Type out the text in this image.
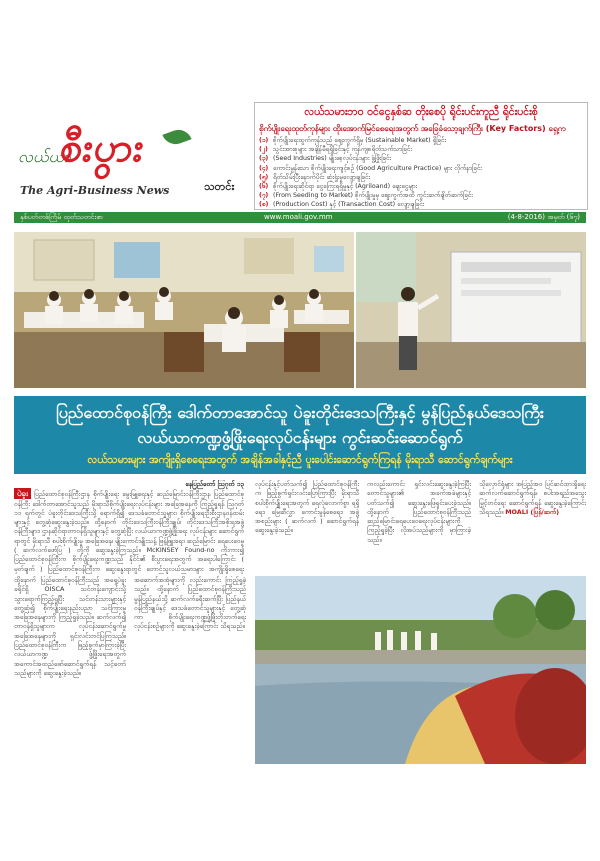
လယ်ယာ
စီးပွား
The Agri-Business News	သတင်း
လယ်သမားဘဝ ဝင်ငွေနှစ်ဆ တိုးစေပို ရိုင်းပင်းကူညီ ရိုင်းပင်းစို
စိုက်ပျိုးရေးထုတ်ကုန်များ ထိုးအောက်မြင်စေရေးအတွက် အခြေခံသော့ချက်ကြီး (Key Factors) ရှေ့က
(၁) စိုက်ပျိုးရေးထွက်ကုန်သည် ဈေးကွက်ရှိမှ (Sustainable Market) ရှိခြင်း
(၂) သွင်းအားစုများ အချိန်မီရရှိခြင်းနှင့် ကုန်ကျစရိတ်သက်သာခြင်း
(၃) (Seed Industries) မျိုးစေ့လုပ်ငန်းများ ဖွံ့ဖြိုးခြင်း
(၄) ကောင်းမွန်သော စိုက်ပျိုးရေးကျင့်စဉ် (Good Agriculture Practice) များ လိုက်နာခြင်း
(၅) ရိတ်သိမ်းပြီးနောက်ပိုင်း ဆုံးရှုံးမှုလျော့ချခြင်း
(၆) စိုက်ပျိုးရေးဆိုင်ရာ ငွေကြေးရရှိမှုနှင့် (Agriloand) ချေးငွေများ
(၇) (From Seeding to Market) စိုက်ပျိုးမှုမှ ဈေးကွက်အထိ ကွင်းဆက်ချိတ်ဆက်ခြင်း
(၈) (Production Cost) နှင့် (Transaction Cost) လျော့ချခြင်း
နှစ်ပတ်တစ်ကြိမ် ထုတ်သတင်းစာ	www.moali.gov.mm	(4-8-2016) အမှတ် (၆၇)
ပြည်ထောင်စုဝန်ကြီး ဒေါက်တာအောင်သူ ပဲခူးတိုင်းဒေသကြီးနှင့် မွန်ပြည်နယ်ဒေသကြီး
လယ်ယာကဏ္ဍဖွံ့ဖြိုးရေးလုပ်ငန်းများ ကွင်းဆင်းဆောင်ရွက်
လယ်သမားများ အကျိုးရှိစေရေးအတွက် အချိန်အခါနှင့်ညီ ပူးပေါင်းဆောင်ရွက်ကြရန် မိုးရာသီ ဆောင်ရွက်ချက်များ
နေပြည်တော် ဩဂုတ် ၁၃
ပဲခူး ပြည်ထောင်စုဝန်ကြီးဌာန စိုက်ပျိုးရေး မွေးမြူရေးနှင့် ဆည်မြောင်းဝန်ကြီးဌာန ပြည်ထောင်စုဝန်ကြီး ဒေါက်တာအောင်သူသည် မိုးရာသီစိုက်ပျိုးရေးလုပ်ငန်းများ အခြေအနေကို ကြည့်ရှုရန် ဩဂုတ် ၁၁ ရက်တွင် ပဲခူးတိုင်းဒေသကြီးသို့ ရောက်ရှိ၍ ဒေသခံတောင်သူများ၊ စိုက်ပျိုးရေးဦးစီးဌာနဝန်ထမ်းများနှင့် တွေ့ဆုံဆွေးနွေးခဲ့သည်။ ထို့နောက် တိုင်းဒေသကြီးဝန်ကြီးချုပ်၊ တိုင်းဒေသကြီးအစိုးရအဖွဲ့ ဝန်ကြီးများ၊ ဌာနဆိုင်ရာတာဝန်ရှိသူများနှင့် တွေ့ဆုံပြီး လယ်ယာကဏ္ဍဖွံ့ဖြိုးရေး လုပ်ငန်းများ ဆောင်ရွက်ရာတွင် မိုးရာသီ စပါးစိုက်ပျိုးမှု အခြေအနေ၊ မျိုးကောင်းမျိုးသန့် ဖြန့်ဖြူးရေး၊ ဆည်မြောင်း ရေပေးဝေမှု ( ဆက်လက်ဖော်ပြ ) တို့ကို ဆွေးနွေးခဲ့ကြသည်။ McKINSEY Found-no ကိုးကား၍ ပြည်ထောင်စုဝန်ကြီးက စိုက်ပျိုးရေးကဏ္ဍသည် နိုင်ငံ၏ စီးပွားရေးအတွက် အရေးပါကြောင်း ( မှတ်ချက် ) ပြည်ထောင်စုဝန်ကြီးက ဆွေးနွေးရာတွင် တောင်သူလယ်သမားများ အကျိုးရှိစေရေး
လုပ်ငန်းနှင့်ပတ်သက်၍ ပြည်ထောင်စုဝန်ကြီးက ဖြည့်စွက်ရှင်းလင်းပြောကြားပြီး မိုးရာသီစပါးစိုက်ပျိုးရေးအတွက် ရေလုံလောက်စွာ ရရှိရေး၊ မြေဆီလွှာ ကောင်းမွန်စေရေး၊ အဖွဲ့အစည်းများ ( ဆက်လက် ) ဆောင်ရွက်ရန် ဆွေးနွေးခဲ့သည်။
ကလည်းကောင်း ရှင်းလင်းဆွေးနွေးခဲ့ကြပြီး တောင်သူများ၏ အခက်အခဲများနှင့် ပတ်သက်၍ ဆွေးနွေးဖြေရှင်းပေးခဲ့သည်။ ထို့နောက် ပြည်ထောင်စုဝန်ကြီးသည် ဆည်မြောင်းရေပေးဝေရေးလုပ်ငန်းများကို ကြည့်ရှုခဲ့ပြီး လိုအပ်သည်များကို မှာကြားခဲ့သည်။
သိုလှောင်ရုံများ အပြည့်အဝ ပြင်ဆင်ထားရှိရေး ဆက်လက်ဆောင်ရွက်ရန်၊ စပါးအရည်အသွေး မြှင့်တင်ရေး ဆောင်ရွက်ရန် ဆွေးနွေးခဲ့ကြောင်း သိရသည်။ MOALI (ပြန်/ဆက်)
ထို့နောက် ပြည်ထောင်စုဝန်ကြီးသည် အရှေ့ပဲခူးခရိုင်ရှိ OISCA သင်တန်းကျောင်းသို့ သွားရောက်ကြည့်ရှုပြီး သင်တန်းသားများနှင့် တွေ့ဆုံ၍ စိုက်ပျိုးရေးနည်းပညာ သင်ကြားမှုအခြေအနေများကို ကြည့်ရှုခဲ့သည်။ ဆက်လက်၍ တာဝန်ရှိသူများက လုပ်ငန်းဆောင်ရွက်မှု အခြေအနေများကို ရှင်းလင်းတင်ပြကြသည်။ ပြည်ထောင်စုဝန်ကြီးက ဖြည့်စွက်မှာကြားခဲ့ပြီး လယ်ယာကဏ္ဍ ဖွံ့ဖြိုးရေးအတွက် အကောင်အထည်ဖော်ဆောင်ရွက်ရန် သင့်တော်သည်များကို ဆွေးနွေးခဲ့သည်။
အဆောက်အအုံများကို လည်းကောင်း ကြည့်ရှုခဲ့သည်။ ထို့နောက် ပြည်ထောင်စုဝန်ကြီးသည် မွန်ပြည်နယ်သို့ ဆက်လက်ခရီးဆက်ပြီး ပြည်နယ်ဝန်ကြီးချုပ်နှင့် ဒေသခံတောင်သူများနှင့် တွေ့ဆုံကာ စိုက်ပျိုးရေးကဏ္ဍဖွံ့ဖြိုးတိုးတက်ရေး လုပ်ငန်းစဉ်များကို ဆွေးနွေးခဲ့ကြောင်း သိရသည်။
